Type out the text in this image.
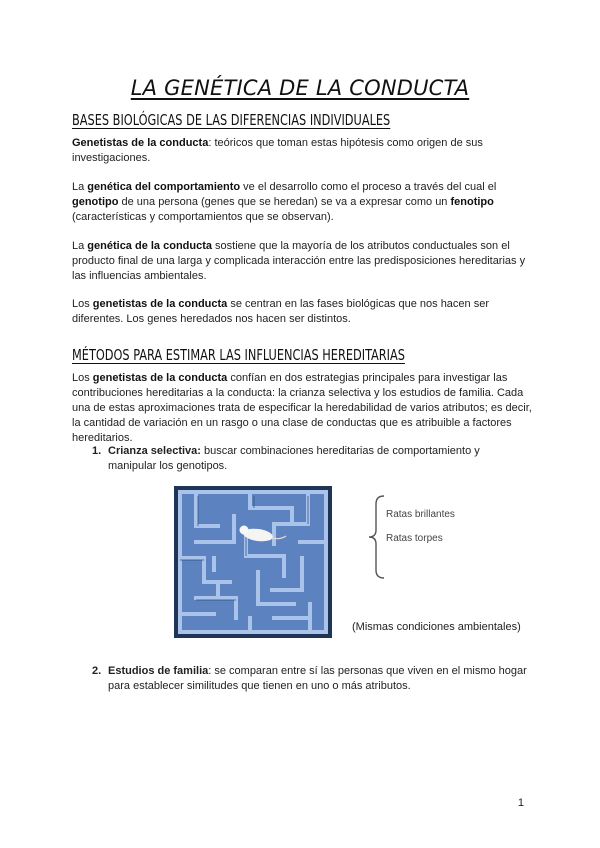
LA GENÉTICA DE LA CONDUCTA
BASES BIOLÓGICAS DE LAS DIFERENCIAS INDIVIDUALES
Genetistas de la conducta: teóricos que toman estas hipótesis como origen de sus investigaciones.
La genética del comportamiento ve el desarrollo como el proceso a través del cual el genotipo de una persona (genes que se heredan) se va a expresar como un fenotipo (características y comportamientos que se observan).
La genética de la conducta sostiene que la mayoría de los atributos conductuales son el producto final de una larga y complicada interacción entre las predisposiciones hereditarias y las influencias ambientales.
Los genetistas de la conducta se centran en las fases biológicas que nos hacen ser diferentes. Los genes heredados nos hacen ser distintos.
MÉTODOS PARA ESTIMAR LAS INFLUENCIAS HEREDITARIAS
Los genetistas de la conducta confían en dos estrategias principales para investigar las contribuciones hereditarias a la conducta: la crianza selectiva y los estudios de familia. Cada una de estas aproximaciones trata de especificar la heredabilidad de varios atributos; es decir, la cantidad de variación en un rasgo o una clase de conductas que es atribuible a factores hereditarios.
1. Crianza selectiva: buscar combinaciones hereditarias de comportamiento y manipular los genotipos.
Ratas brillantes
Ratas torpes
(Mismas condiciones ambientales)
2. Estudios de familia: se comparan entre sí las personas que viven en el mismo hogar para establecer similitudes que tienen en uno o más atributos.
1
